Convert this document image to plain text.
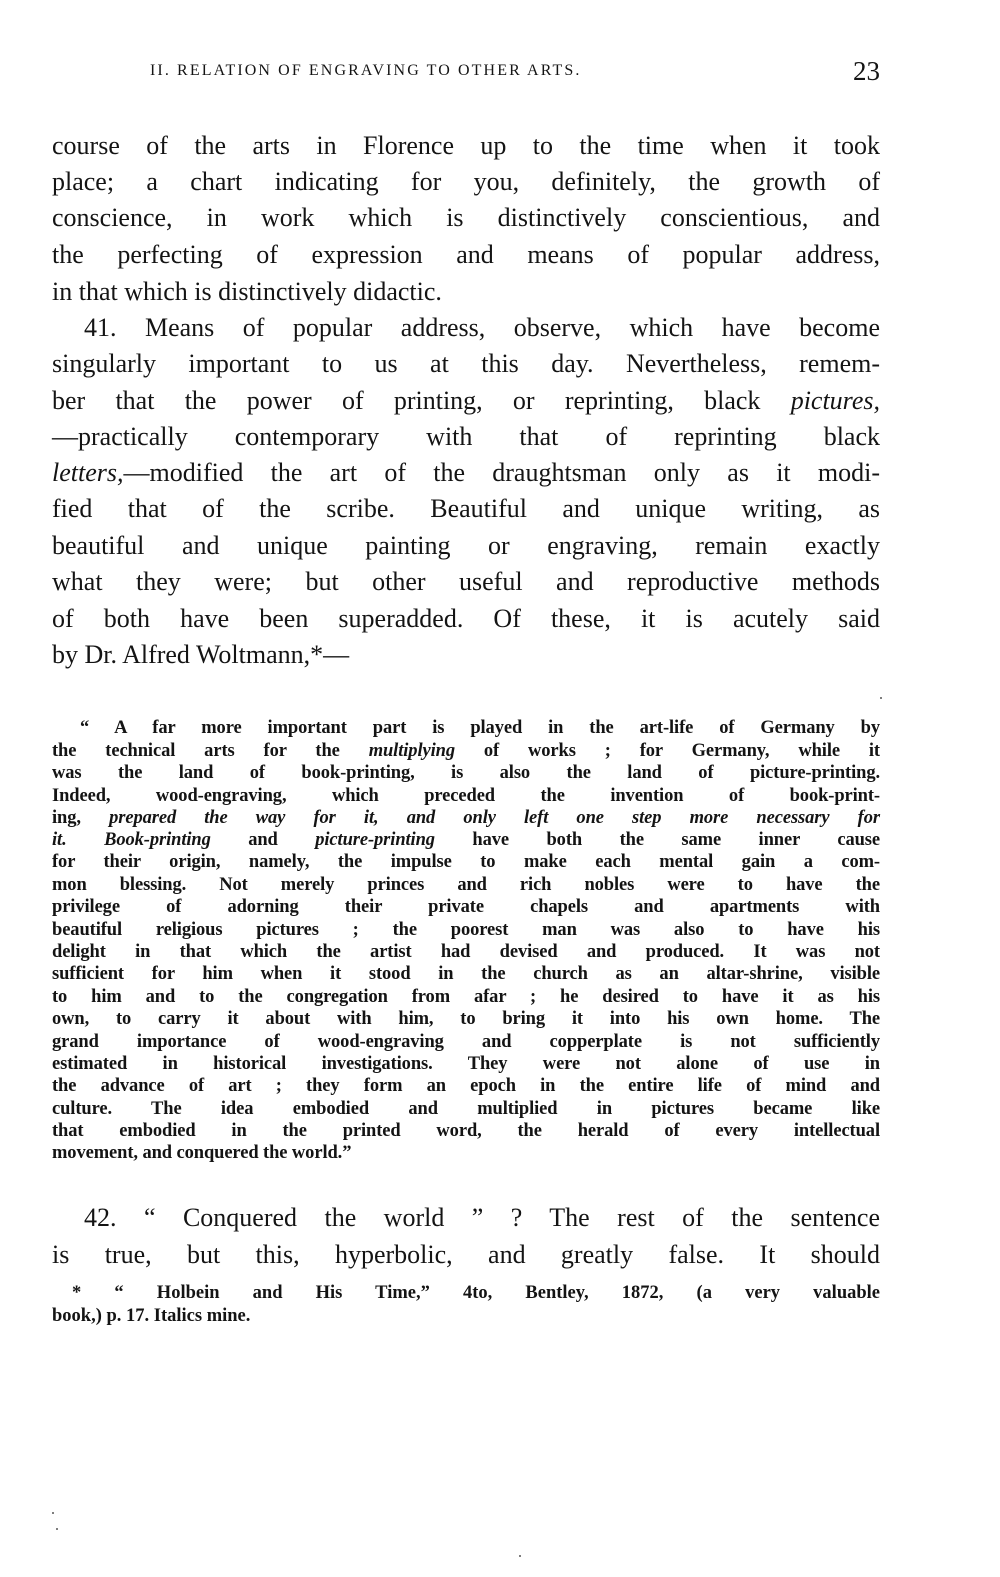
II. RELATION OF ENGRAVING TO OTHER ARTS.	23
course of the arts in Florence up to the time when it took
place; a chart indicating for you, definitely, the growth of
conscience, in work which is distinctively conscientious, and
the perfecting of expression and means of popular address,
in that which is distinctively didactic.
41. Means of popular address, observe, which have become
singularly important to us at this day. Nevertheless, remem-
ber that the power of printing, or reprinting, black pictures,
—practically contemporary with that of reprinting black
letters,—modified the art of the draughtsman only as it modi-
fied that of the scribe. Beautiful and unique writing, as
beautiful and unique painting or engraving, remain exactly
what they were; but other useful and reproductive methods
of both have been superadded. Of these, it is acutely said
by Dr. Alfred Woltmann,*—
“ A far more important part is played in the art-life of Germany by
the technical arts for the multiplying of works ; for Germany, while it
was the land of book-printing, is also the land of picture-printing.
Indeed, wood-engraving, which preceded the invention of book-print-
ing, prepared the way for it, and only left one step more necessary for
it. Book-printing and picture-printing have both the same inner cause
for their origin, namely, the impulse to make each mental gain a com-
mon blessing. Not merely princes and rich nobles were to have the
privilege of adorning their private chapels and apartments with
beautiful religious pictures ; the poorest man was also to have his
delight in that which the artist had devised and produced. It was not
sufficient for him when it stood in the church as an altar-shrine, visible
to him and to the congregation from afar ; he desired to have it as his
own, to carry it about with him, to bring it into his own home. The
grand importance of wood-engraving and copperplate is not sufficiently
estimated in historical investigations. They were not alone of use in
the advance of art ; they form an epoch in the entire life of mind and
culture. The idea embodied and multiplied in pictures became like
that embodied in the printed word, the herald of every intellectual
movement, and conquered the world.”
42. “ Conquered the world ” ? The rest of the sentence
is true, but this, hyperbolic, and greatly false. It should
* “ Holbein and His Time,” 4to, Bentley, 1872, (a very valuable
book,) p. 17. Italics mine.
